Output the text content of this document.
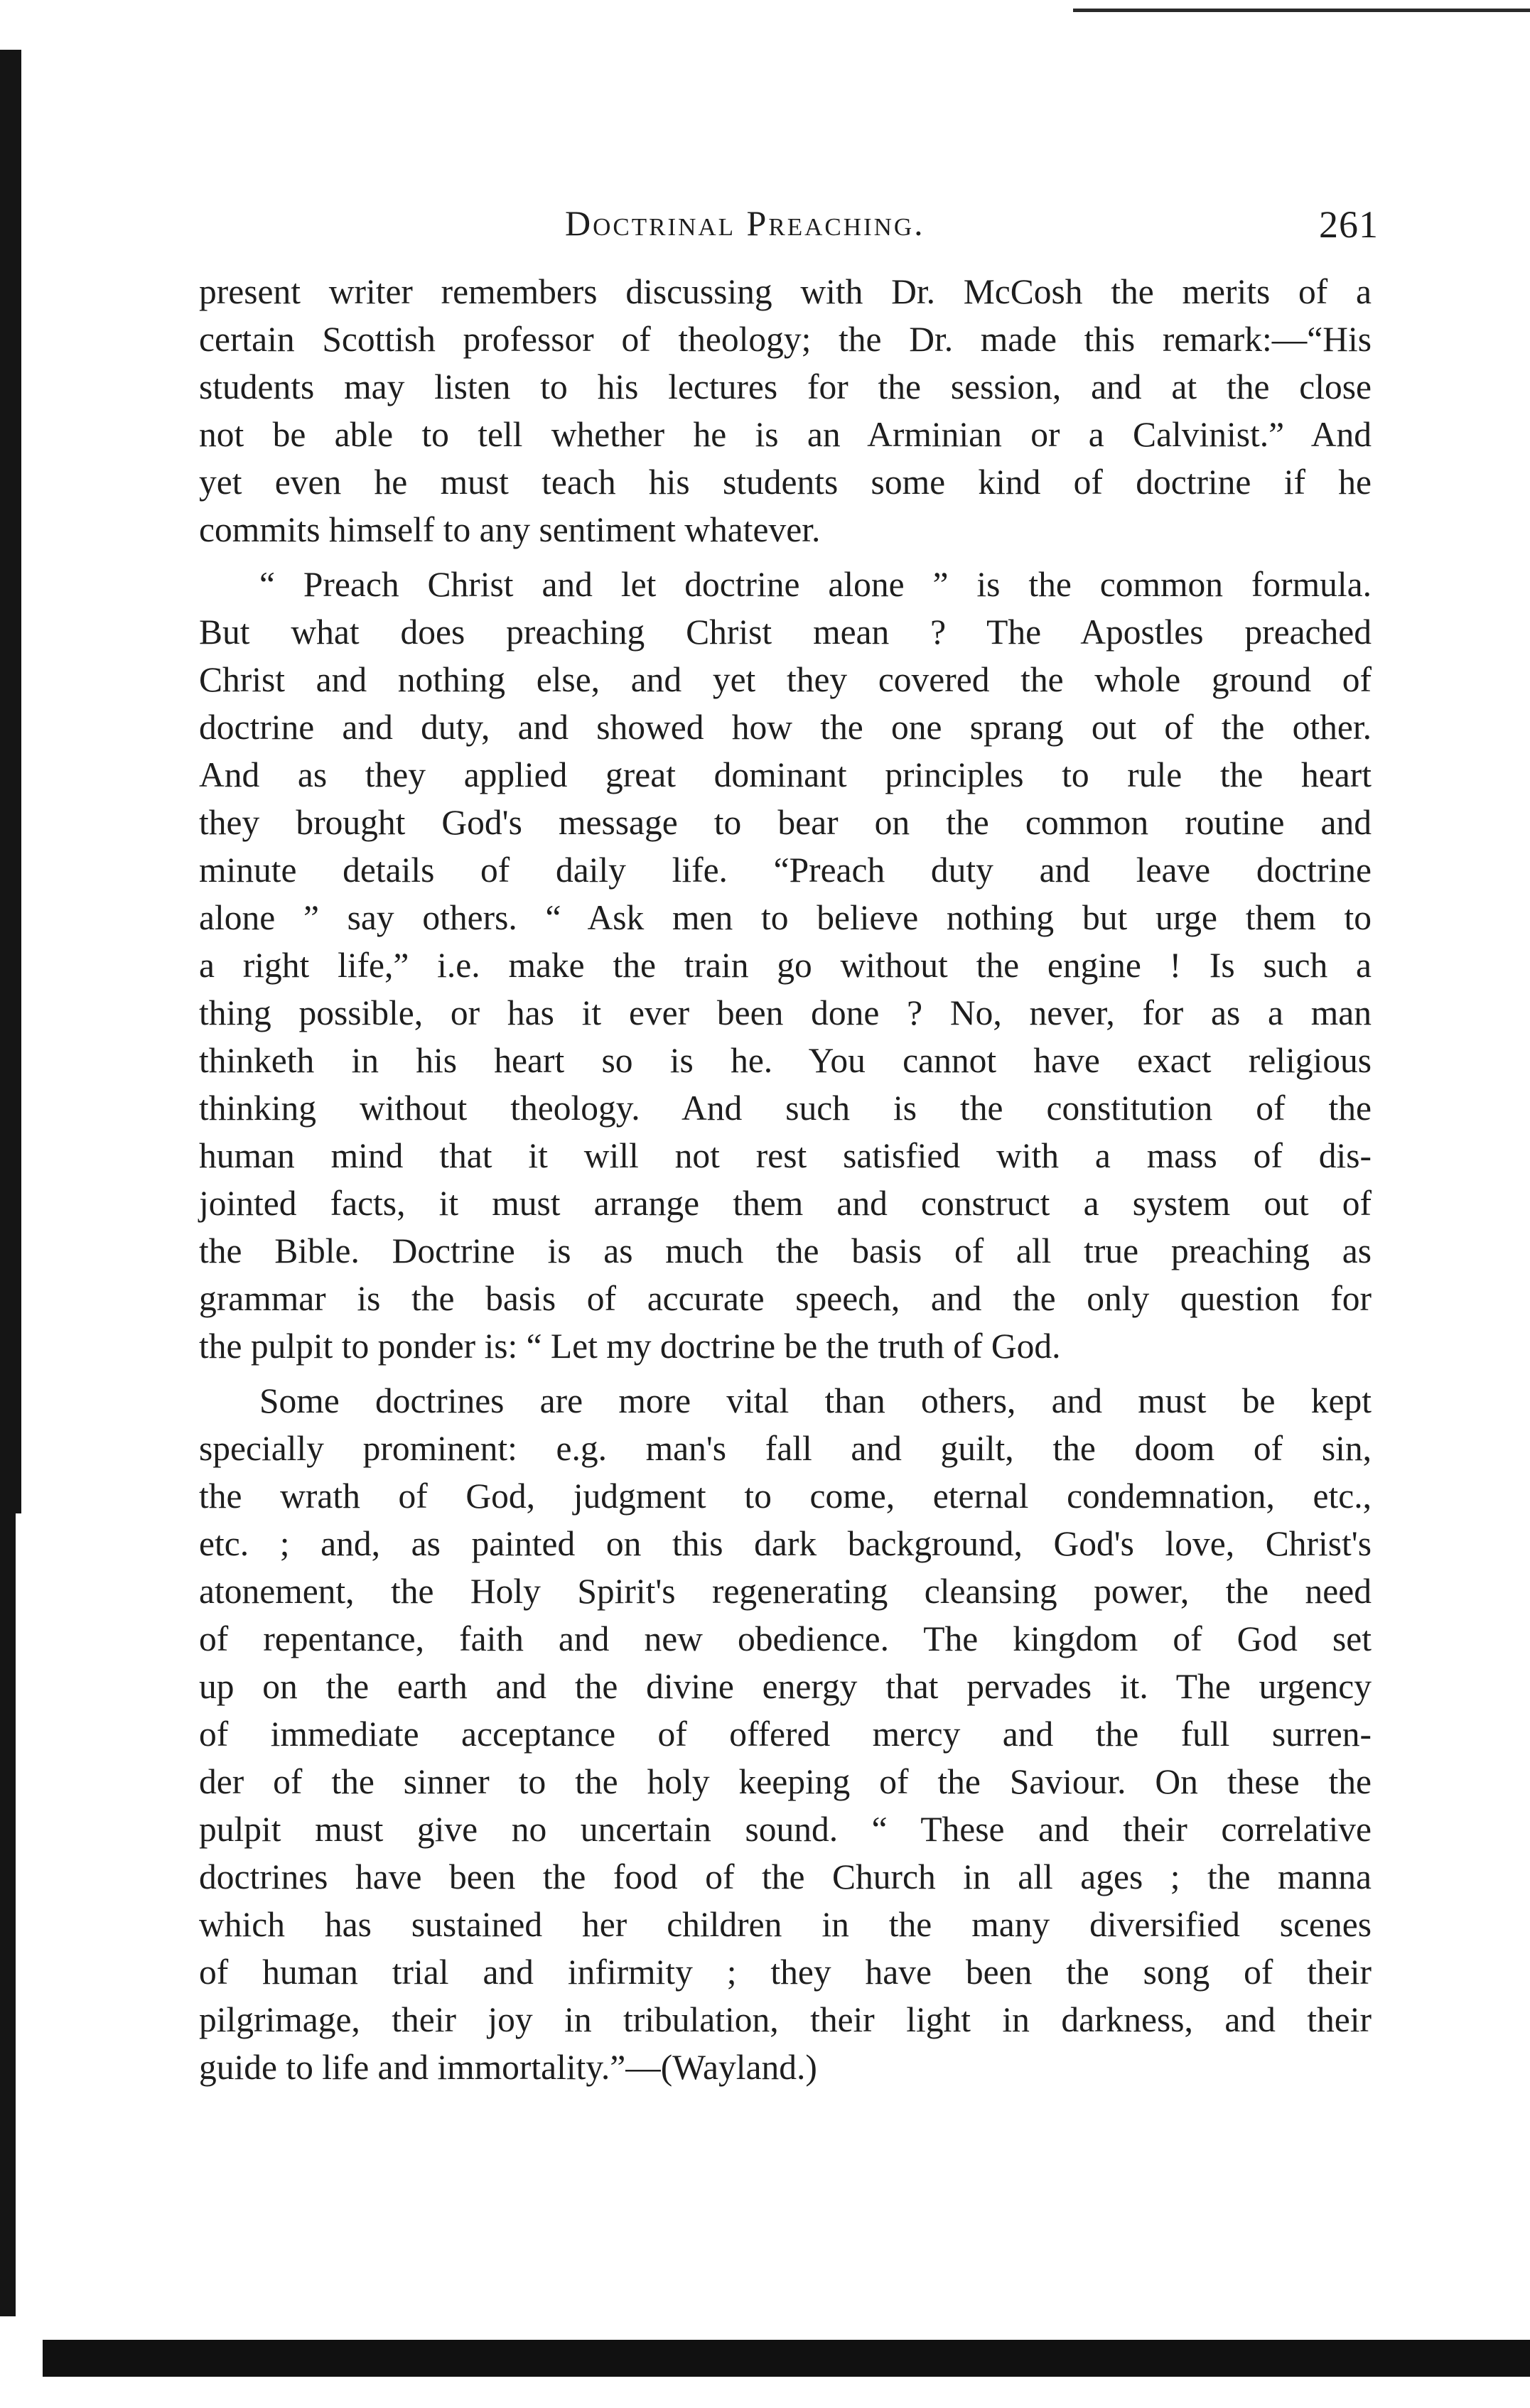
Doctrinal Preaching.	261
present writer remembers discussing with Dr. McCosh the merits of a
certain Scottish professor of theology; the Dr. made this remark:—“His
students may listen to his lectures for the session, and at the close
not be able to tell whether he is an Arminian or a Calvinist.” And
yet even he must teach his students some kind of doctrine if he
commits himself to any sentiment whatever.
“ Preach Christ and let doctrine alone ” is the common formula.
But what does preaching Christ mean ? The Apostles preached
Christ and nothing else, and yet they covered the whole ground of
doctrine and duty, and showed how the one sprang out of the other.
And as they applied great dominant principles to rule the heart
they brought God's message to bear on the common routine and
minute details of daily life. “Preach duty and leave doctrine
alone ” say others. “ Ask men to believe nothing but urge them to
a right life,” i.e. make the train go without the engine ! Is such a
thing possible, or has it ever been done ? No, never, for as a man
thinketh in his heart so is he. You cannot have exact religious
thinking without theology. And such is the constitution of the
human mind that it will not rest satisfied with a mass of dis-
jointed facts, it must arrange them and construct a system out of
the Bible. Doctrine is as much the basis of all true preaching as
grammar is the basis of accurate speech, and the only question for
the pulpit to ponder is: “ Let my doctrine be the truth of God.
Some doctrines are more vital than others, and must be kept
specially prominent: e.g. man's fall and guilt, the doom of sin,
the wrath of God, judgment to come, eternal condemnation, etc.,
etc. ; and, as painted on this dark background, God's love, Christ's
atonement, the Holy Spirit's regenerating cleansing power, the need
of repentance, faith and new obedience. The kingdom of God set
up on the earth and the divine energy that pervades it. The urgency
of immediate acceptance of offered mercy and the full surren-
der of the sinner to the holy keeping of the Saviour. On these the
pulpit must give no uncertain sound. “ These and their correlative
doctrines have been the food of the Church in all ages ; the manna
which has sustained her children in the many diversified scenes
of human trial and infirmity ; they have been the song of their
pilgrimage, their joy in tribulation, their light in darkness, and their
guide to life and immortality.”—(Wayland.)
